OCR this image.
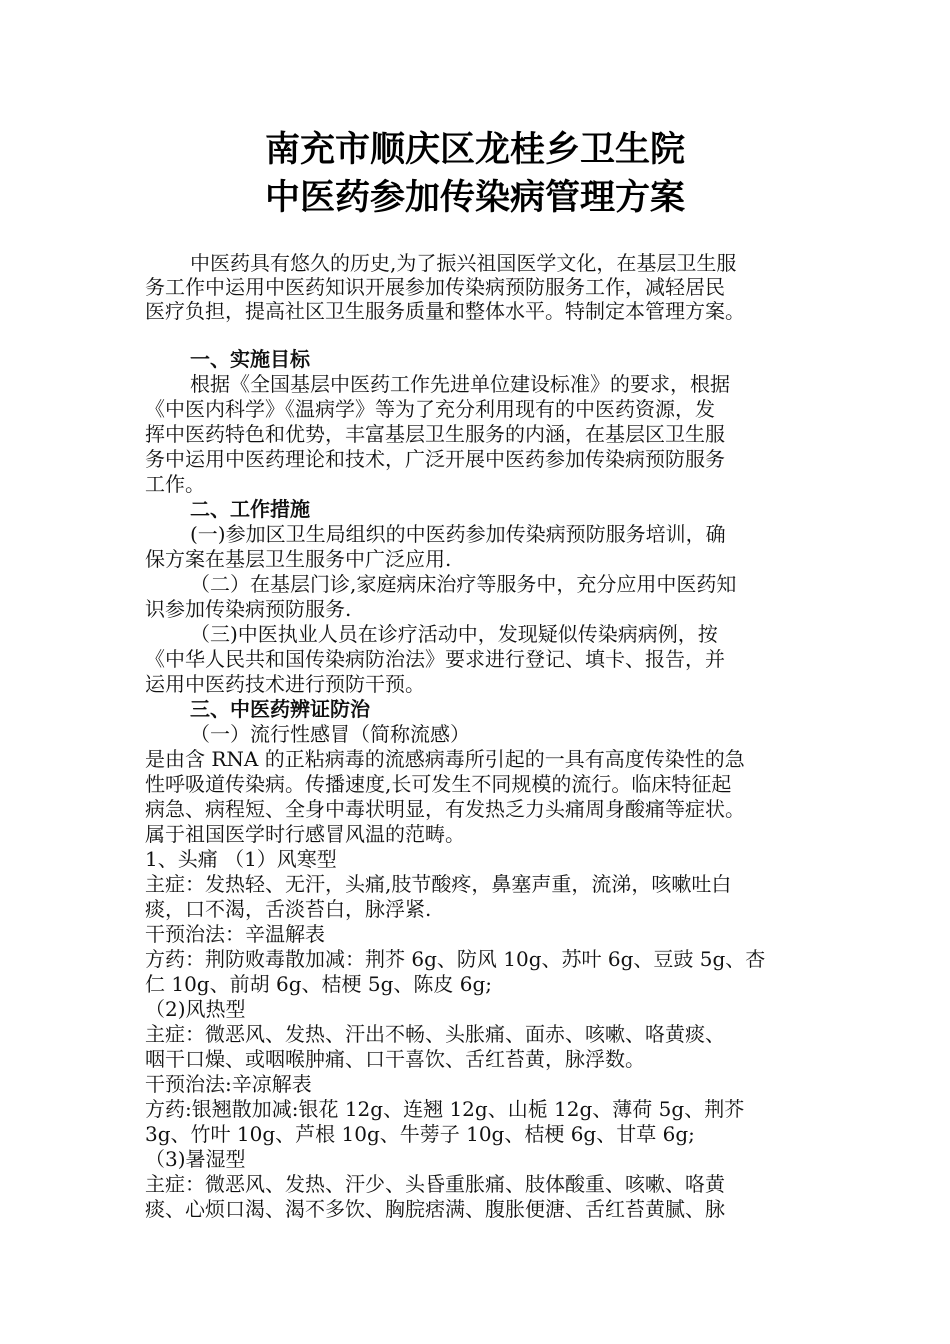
南充市顺庆区龙桂乡卫生院
中医药参加传染病管理方案
中医药具有悠久的历史,为了振兴祖国医学文化，在基层卫生服
务工作中运用中医药知识开展参加传染病预防服务工作，减轻居民
医疗负担，提高社区卫生服务质量和整体水平。特制定本管理方案。
一、实施目标
根据《全国基层中医药工作先进单位建设标准》的要求，根据
《中医内科学》《温病学》等为了充分利用现有的中医药资源，发
挥中医药特色和优势，丰富基层卫生服务的内涵，在基层区卫生服
务中运用中医药理论和技术，广泛开展中医药参加传染病预防服务
工作。
二、工作措施
(一)参加区卫生局组织的中医药参加传染病预防服务培训，确
保方案在基层卫生服务中广泛应用.
（二）在基层门诊,家庭病床治疗等服务中，充分应用中医药知
识参加传染病预防服务.
（三)中医执业人员在诊疗活动中，发现疑似传染病病例，按
《中华人民共和国传染病防治法》要求进行登记、填卡、报告，并
运用中医药技术进行预防干预。
三、中医药辨证防治
（一）流行性感冒（简称流感）
是由含 RNA 的正粘病毒的流感病毒所引起的一具有高度传染性的急
性呼吸道传染病。传播速度,长可发生不同规模的流行。临床特征起
病急、病程短、全身中毒状明显，有发热乏力头痛周身酸痛等症状。
属于祖国医学时行感冒风温的范畴。
1、头痛 （1）风寒型
主症：发热轻、无汗，头痛,肢节酸疼，鼻塞声重，流涕，咳嗽吐白
痰，口不渴，舌淡苔白，脉浮紧.
干预治法：辛温解表
方药：荆防败毒散加减：荆芥 6g、防风 10g、苏叶 6g、豆豉 5g、杏
仁 10g、前胡 6g、桔梗 5g、陈皮 6g;
（2)风热型
主症：微恶风、发热、汗出不畅、头胀痛、面赤、咳嗽、咯黄痰、
咽干口燥、或咽喉肿痛、口干喜饮、舌红苔黄，脉浮数。
干预治法:辛凉解表
方药:银翘散加减:银花 12g、连翘 12g、山栀 12g、薄荷 5g、荆芥
3g、竹叶 10g、芦根 10g、牛蒡子 10g、桔梗 6g、甘草 6g;
（3)暑湿型
主症：微恶风、发热、汗少、头昏重胀痛、肢体酸重、咳嗽、咯黄
痰、心烦口渴、渴不多饮、胸脘痞满、腹胀便溏、舌红苔黄腻、脉
